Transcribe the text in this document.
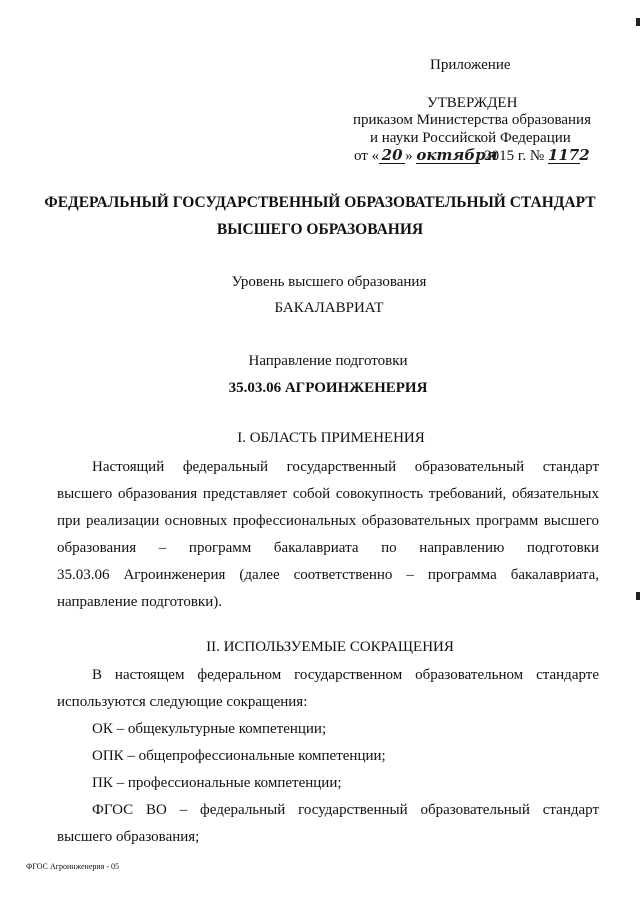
Приложение
УТВЕРЖДЕН
приказом Министерства образования
и науки Российской Федерации
от « 20 » октября 2015 г. № 1172
ФЕДЕРАЛЬНЫЙ ГОСУДАРСТВЕННЫЙ ОБРАЗОВАТЕЛЬНЫЙ СТАНДАРТ
ВЫСШЕГО ОБРАЗОВАНИЯ
Уровень высшего образования
БАКАЛАВРИАТ
Направление подготовки
35.03.06 АГРОИНЖЕНЕРИЯ
I. ОБЛАСТЬ ПРИМЕНЕНИЯ
Настоящий федеральный государственный образовательный стандарт
высшего образования представляет собой совокупность требований, обязательных
при реализации основных профессиональных образовательных программ высшего
образования – программ бакалавриата по направлению подготовки
35.03.06 Агроинженерия (далее соответственно – программа бакалавриата,
направление подготовки).
II. ИСПОЛЬЗУЕМЫЕ СОКРАЩЕНИЯ
В настоящем федеральном государственном образовательном стандарте
используются следующие сокращения:
ОК – общекультурные компетенции;
ОПК – общепрофессиональные компетенции;
ПК – профессиональные компетенции;
ФГОС ВО – федеральный государственный образовательный стандарт
высшего образования;
ФГОС Агроинженерия - 05
